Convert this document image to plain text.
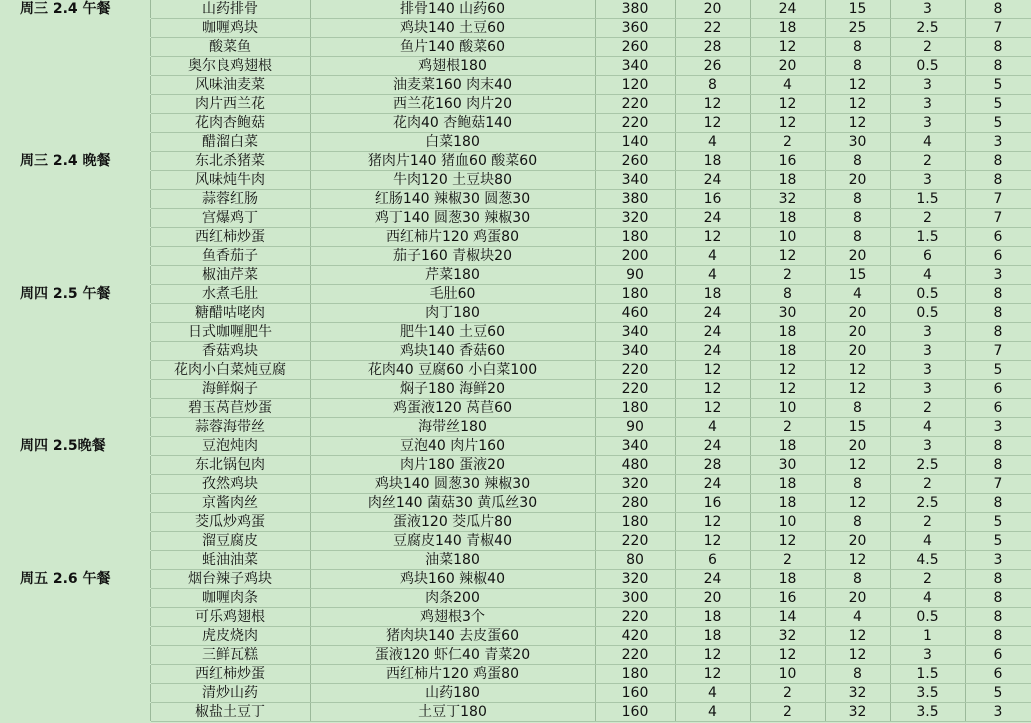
周三 2.4 午餐	山药排骨	排骨140 山药60	380	20	24	15	3	8
	咖喱鸡块	鸡块140 土豆60	360	22	18	25	2.5	7
	酸菜鱼	鱼片140 酸菜60	260	28	12	8	2	8
	奥尔良鸡翅根	鸡翅根180	340	26	20	8	0.5	8
	风味油麦菜	油麦菜160 肉末40	120	8	4	12	3	5
	肉片西兰花	西兰花160 肉片20	220	12	12	12	3	5
	花肉杏鲍菇	花肉40 杏鲍菇140	220	12	12	12	3	5
	醋溜白菜	白菜180	140	4	2	30	4	3
周三 2.4 晚餐	东北杀猪菜	猪肉片140 猪血60 酸菜60	260	18	16	8	2	8
	风味炖牛肉	牛肉120 土豆块80	340	24	18	20	3	8
	蒜蓉红肠	红肠140 辣椒30 圆葱30	380	16	32	8	1.5	7
	宫爆鸡丁	鸡丁140 圆葱30 辣椒30	320	24	18	8	2	7
	西红柿炒蛋	西红柿片120 鸡蛋80	180	12	10	8	1.5	6
	鱼香茄子	茄子160 青椒块20	200	4	12	20	6	6
	椒油芹菜	芹菜180	90	4	2	15	4	3
周四 2.5 午餐	水煮毛肚	毛肚60	180	18	8	4	0.5	8
	糖醋咕咾肉	肉丁180	460	24	30	20	0.5	8
	日式咖喱肥牛	肥牛140 土豆60	340	24	18	20	3	8
	香菇鸡块	鸡块140 香菇60	340	24	18	20	3	7
	花肉小白菜炖豆腐	花肉40 豆腐60 小白菜100	220	12	12	12	3	5
	海鲜焖子	焖子180 海鲜20	220	12	12	12	3	6
	碧玉莴苣炒蛋	鸡蛋液120 莴苣60	180	12	10	8	2	6
	蒜蓉海带丝	海带丝180	90	4	2	15	4	3
周四 2.5晚餐	豆泡炖肉	豆泡40 肉片160	340	24	18	20	3	8
	东北锅包肉	肉片180 蛋液20	480	28	30	12	2.5	8
	孜然鸡块	鸡块140 圆葱30 辣椒30	320	24	18	8	2	7
	京酱肉丝	肉丝140 菌菇30 黄瓜丝30	280	16	18	12	2.5	8
	茭瓜炒鸡蛋	蛋液120 茭瓜片80	180	12	10	8	2	5
	溜豆腐皮	豆腐皮140 青椒40	220	12	12	20	4	5
	蚝油油菜	油菜180	80	6	2	12	4.5	3
周五 2.6 午餐	烟台辣子鸡块	鸡块160 辣椒40	320	24	18	8	2	8
	咖喱肉条	肉条200	300	20	16	20	4	8
	可乐鸡翅根	鸡翅根3个	220	18	14	4	0.5	8
	虎皮烧肉	猪肉块140 去皮蛋60	420	18	32	12	1	8
	三鲜瓦糕	蛋液120 虾仁40 青菜20	220	12	12	12	3	6
	西红柿炒蛋	西红柿片120 鸡蛋80	180	12	10	8	1.5	6
	清炒山药	山药180	160	4	2	32	3.5	5
	椒盐土豆丁	土豆丁180	160	4	2	32	3.5	3
